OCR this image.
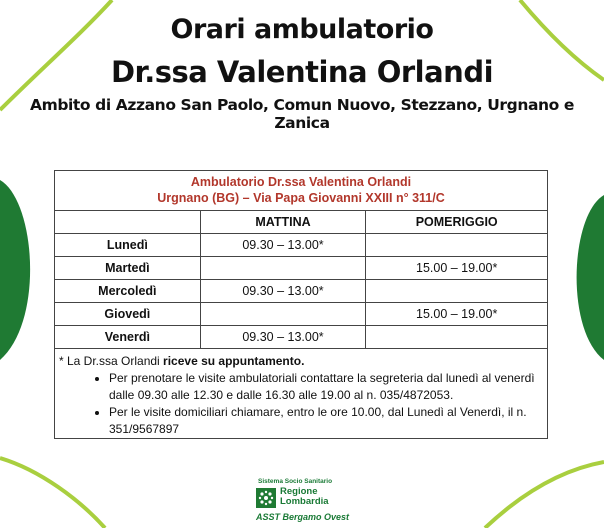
Orari ambulatorio
Dr.ssa Valentina Orlandi
Ambito di Azzano San Paolo, Comun Nuovo, Stezzano, Urgnano e Zanica
Ambulatorio Dr.ssa Valentina Orlandi
Urgnano (BG) – Via Papa Giovanni XXIII n° 311/C		

	MATTINA	POMERIGGIO
Lunedì	09.30 – 13.00*	
Martedì		15.00 – 19.00*
Mercoledì	09.30 – 13.00*	
Giovedì		15.00 – 19.00*
Venerdì	09.30 – 13.00*	
* La Dr.ssa Orlandi riceve su appuntamento.
• Per prenotare le visite ambulatoriali contattare la segreteria dal lunedì al venerdì dalle 09.30 alle 12.30 e dalle 16.30 alle 19.00 al n. 035/4872053.
• Per le visite domiciliari chiamare, entro le ore 10.00, dal Lunedì al Venerdì, il n. 351/9567897
Sistema Socio Sanitario
Regione
Lombardia
ASST Bergamo Ovest
